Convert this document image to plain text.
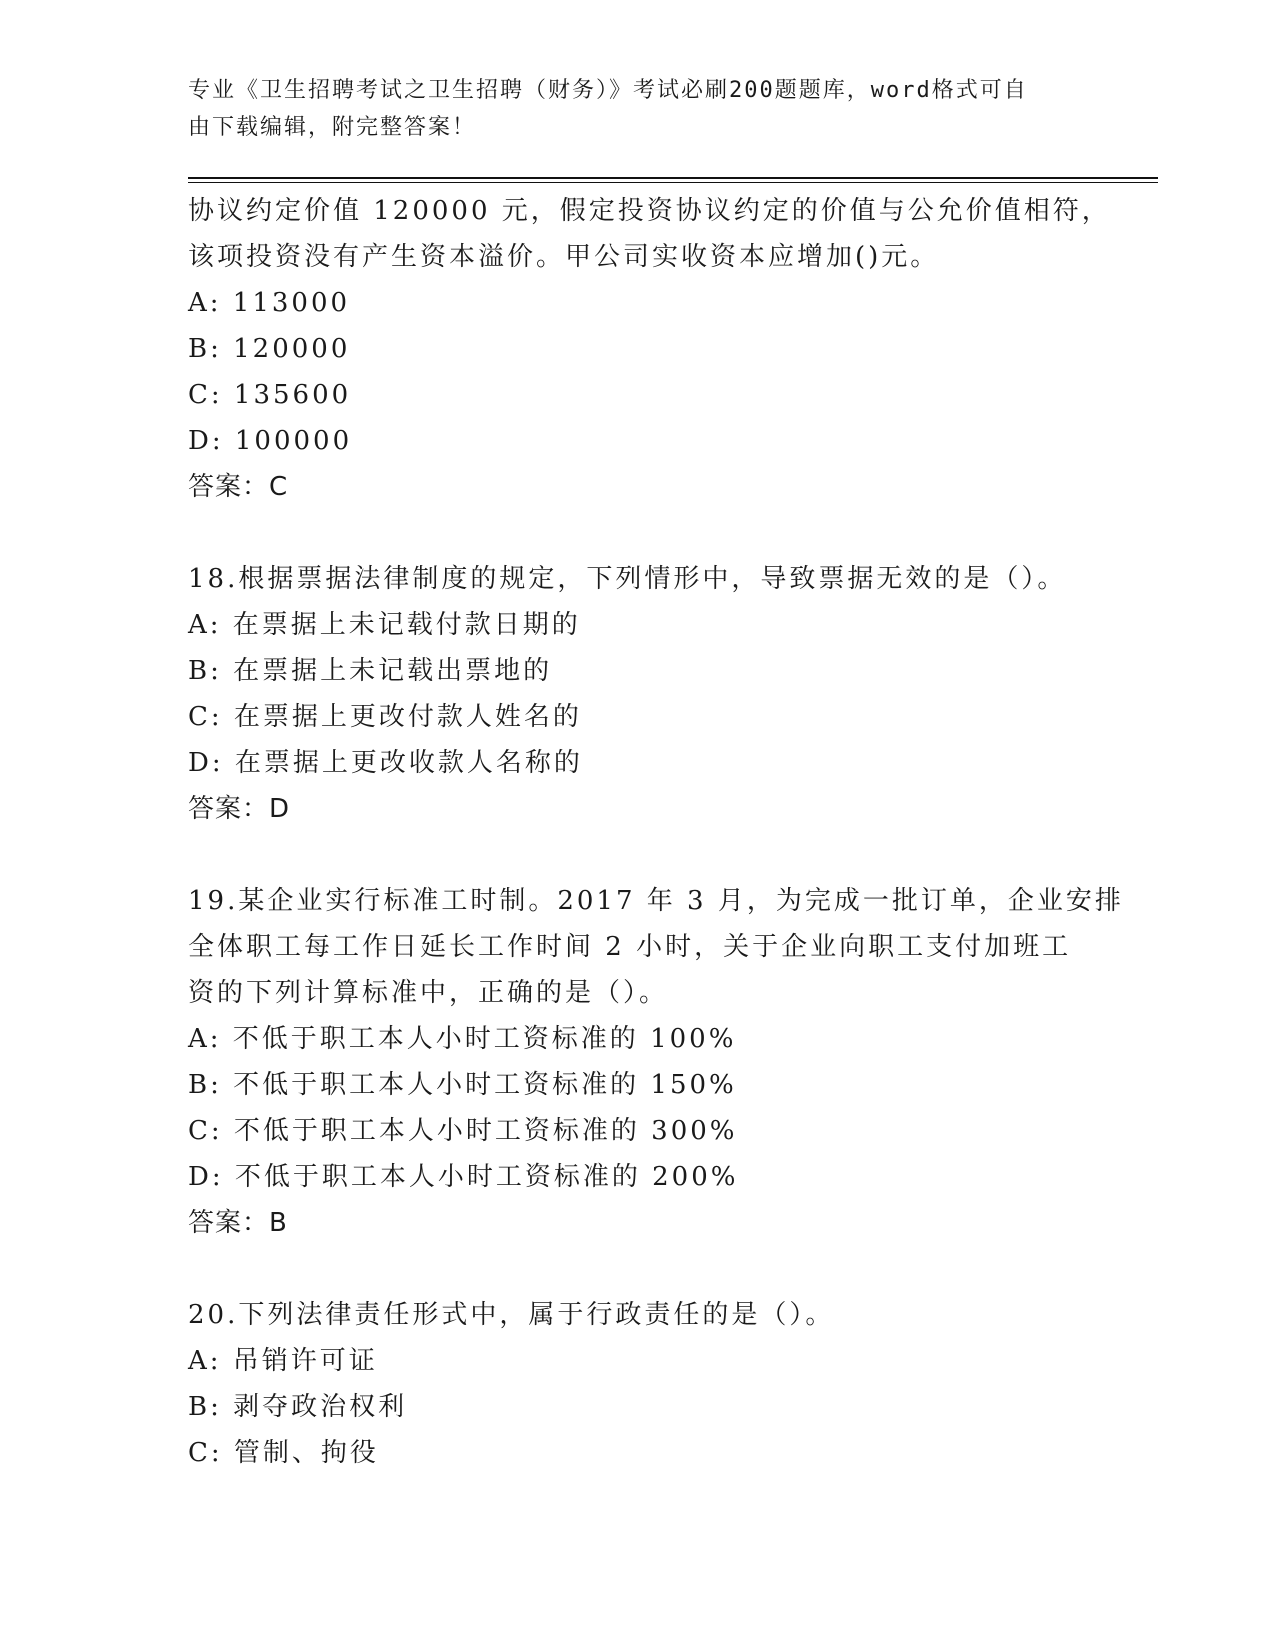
专业《卫生招聘考试之卫生招聘（财务）》考试必刷200题题库，word格式可自
由下载编辑，附完整答案！
协议约定价值 120000 元，假定投资协议约定的价值与公允价值相符，
该项投资没有产生资本溢价。甲公司实收资本应增加()元。
A: 113000
B: 120000
C: 135600
D: 100000
答案：C
18.根据票据法律制度的规定，下列情形中，导致票据无效的是（）。
A: 在票据上未记载付款日期的
B: 在票据上未记载出票地的
C: 在票据上更改付款人姓名的
D: 在票据上更改收款人名称的
答案：D
19.某企业实行标准工时制。2017 年 3 月，为完成一批订单，企业安排
全体职工每工作日延长工作时间 2 小时，关于企业向职工支付加班工
资的下列计算标准中，正确的是（）。
A: 不低于职工本人小时工资标准的 100%
B: 不低于职工本人小时工资标准的 150%
C: 不低于职工本人小时工资标准的 300%
D: 不低于职工本人小时工资标准的 200%
答案：B
20.下列法律责任形式中，属于行政责任的是（）。
A: 吊销许可证
B: 剥夺政治权利
C: 管制、拘役
